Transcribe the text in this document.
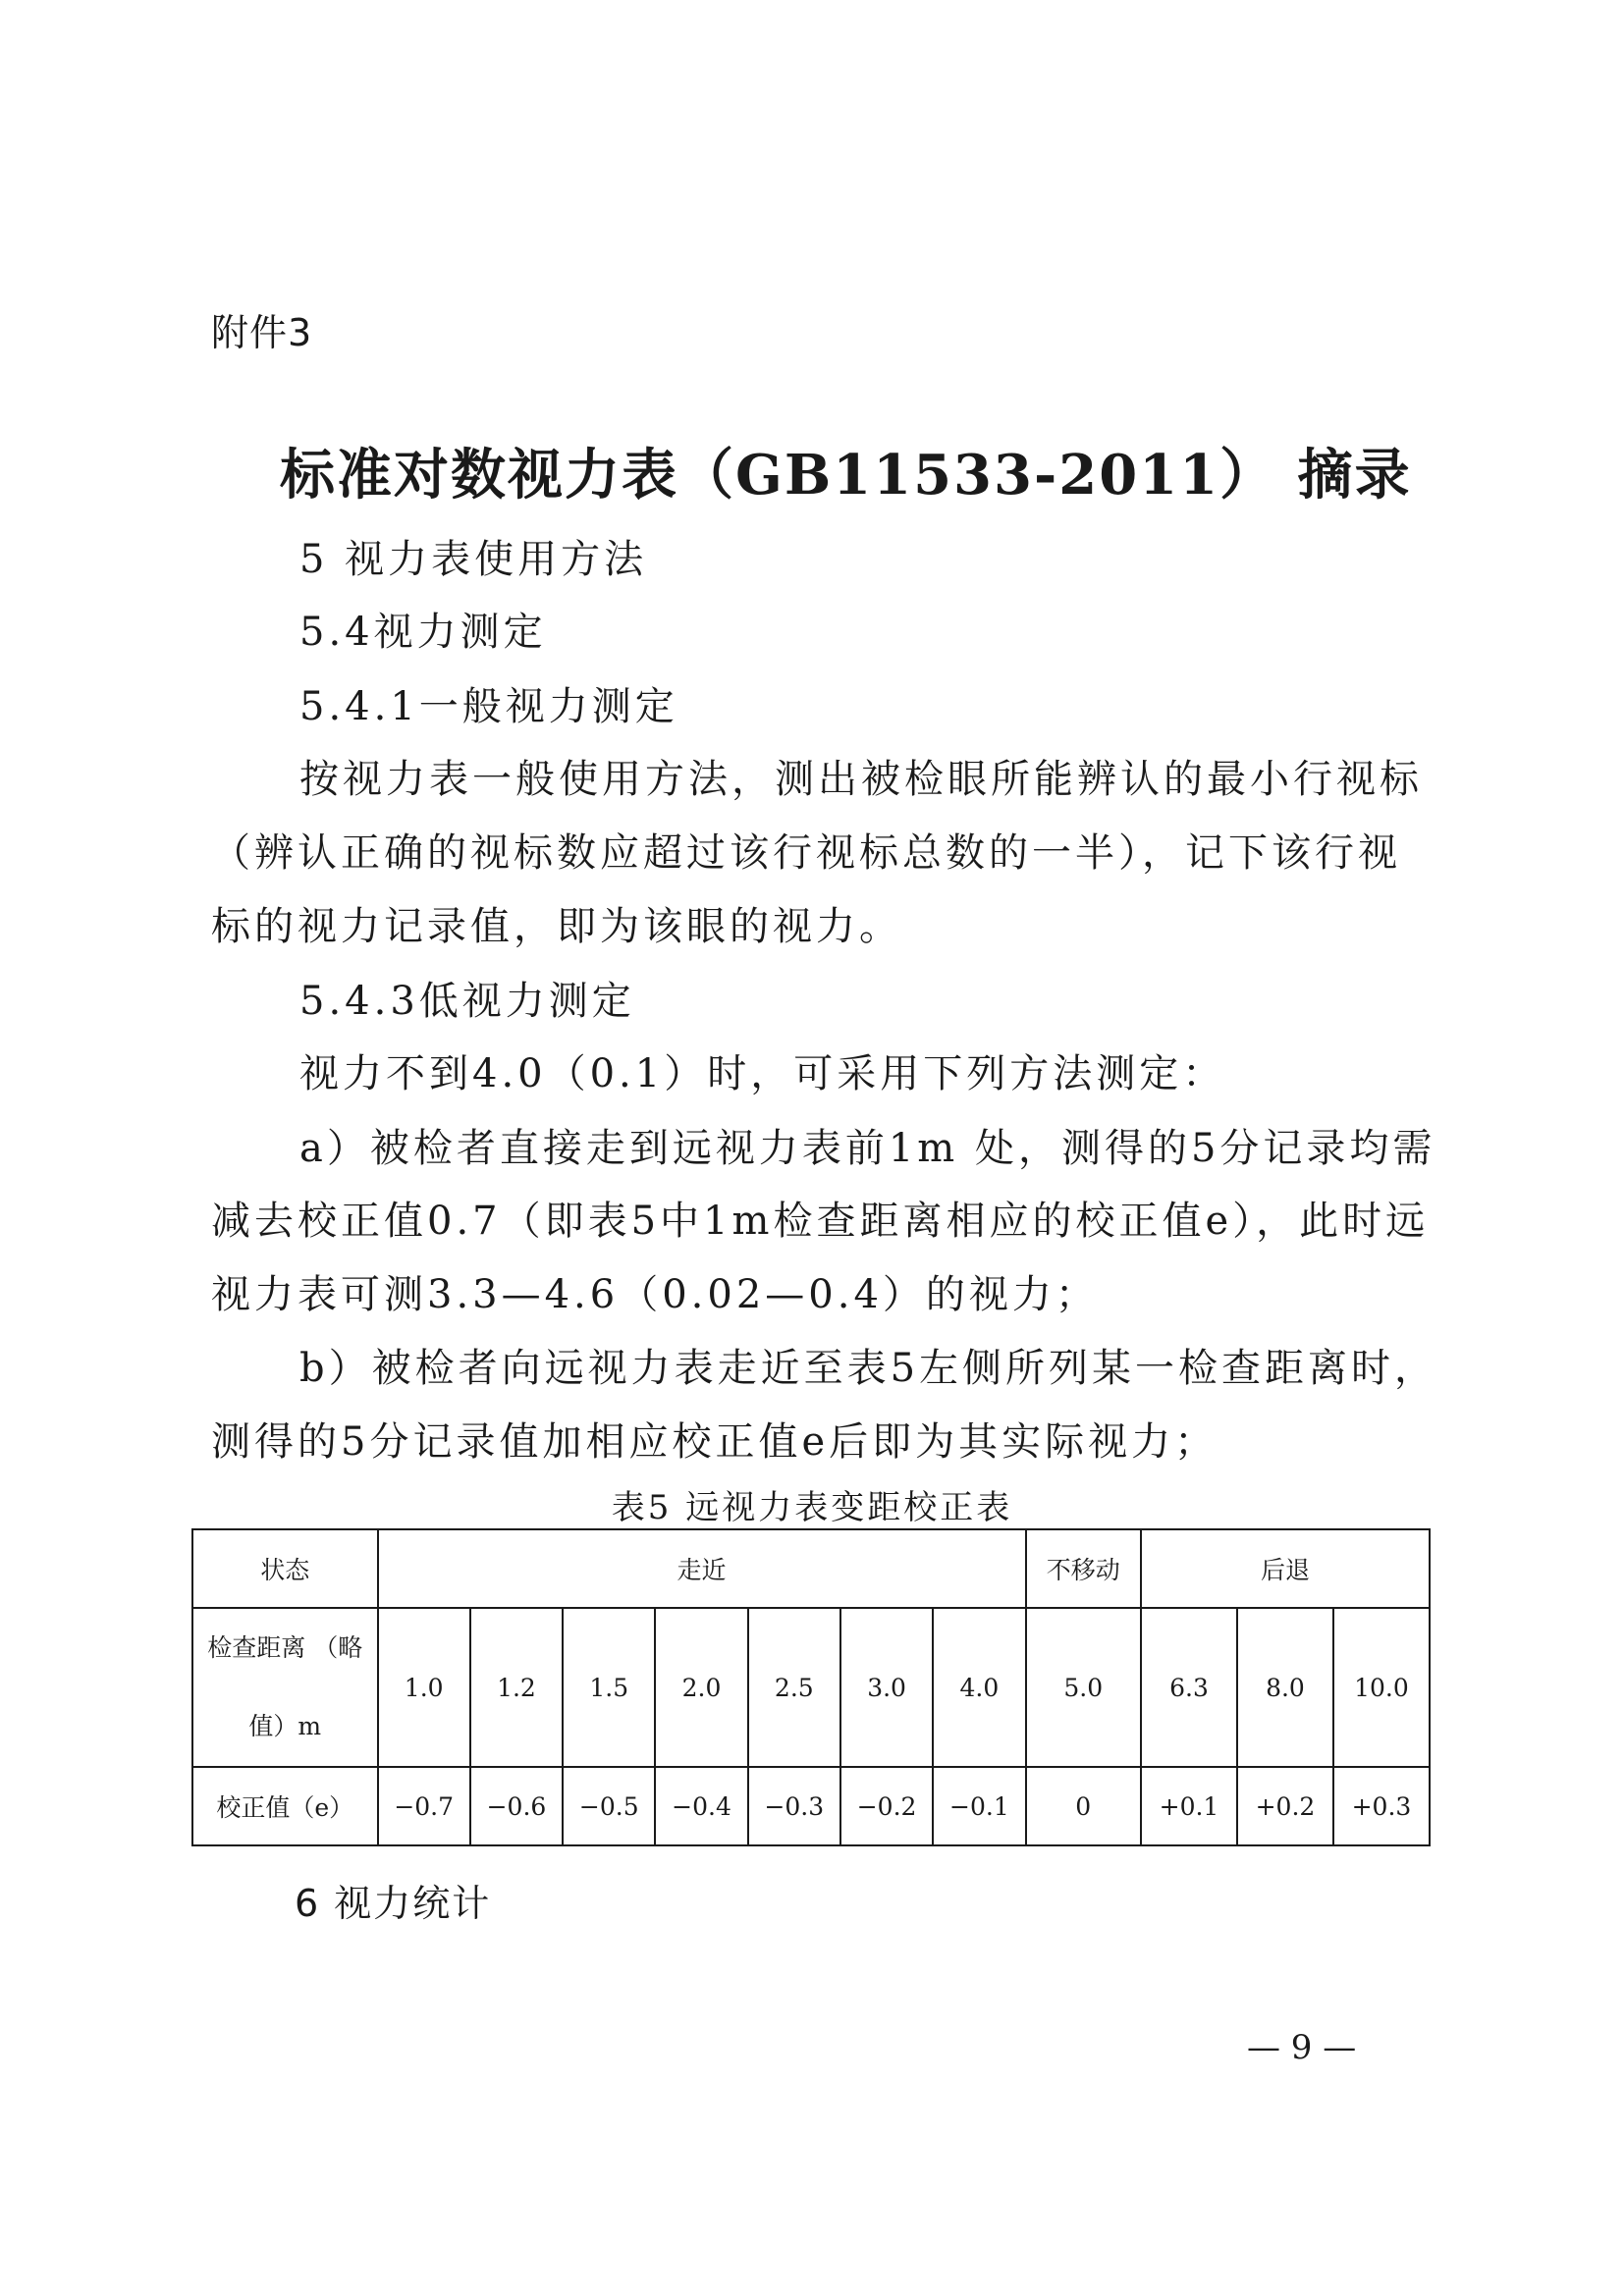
附件3
标准对数视力表（GB11533-2011） 摘录
5 视力表使用方法
5.4视力测定
5.4.1一般视力测定
按视力表一般使用方法，测出被检眼所能辨认的最小行视标
（辨认正确的视标数应超过该行视标总数的一半），记下该行视
标的视力记录值，即为该眼的视力。
5.4.3低视力测定
视力不到4.0（0.1）时，可采用下列方法测定：
a）被检者直接走到远视力表前1m 处，测得的5分记录均需
减去校正值0.7（即表5中1m检查距离相应的校正值e），此时远
视力表可测3.3—4.6（0.02—0.4）的视力；
b）被检者向远视力表走近至表5左侧所列某一检查距离时，
测得的5分记录值加相应校正值e后即为其实际视力；
表5 远视力表变距校正表
状态	走近							不移动	后退		
检查距离 （略
值）m	1.0	1.2	1.5	2.0	2.5	3.0	4.0	5.0	6.3	8.0	10.0
校正值（e）	−0.7	−0.6	−0.5	−0.4	−0.3	−0.2	−0.1	0	+0.1	+0.2	+0.3
6 视力统计
— 9 —
